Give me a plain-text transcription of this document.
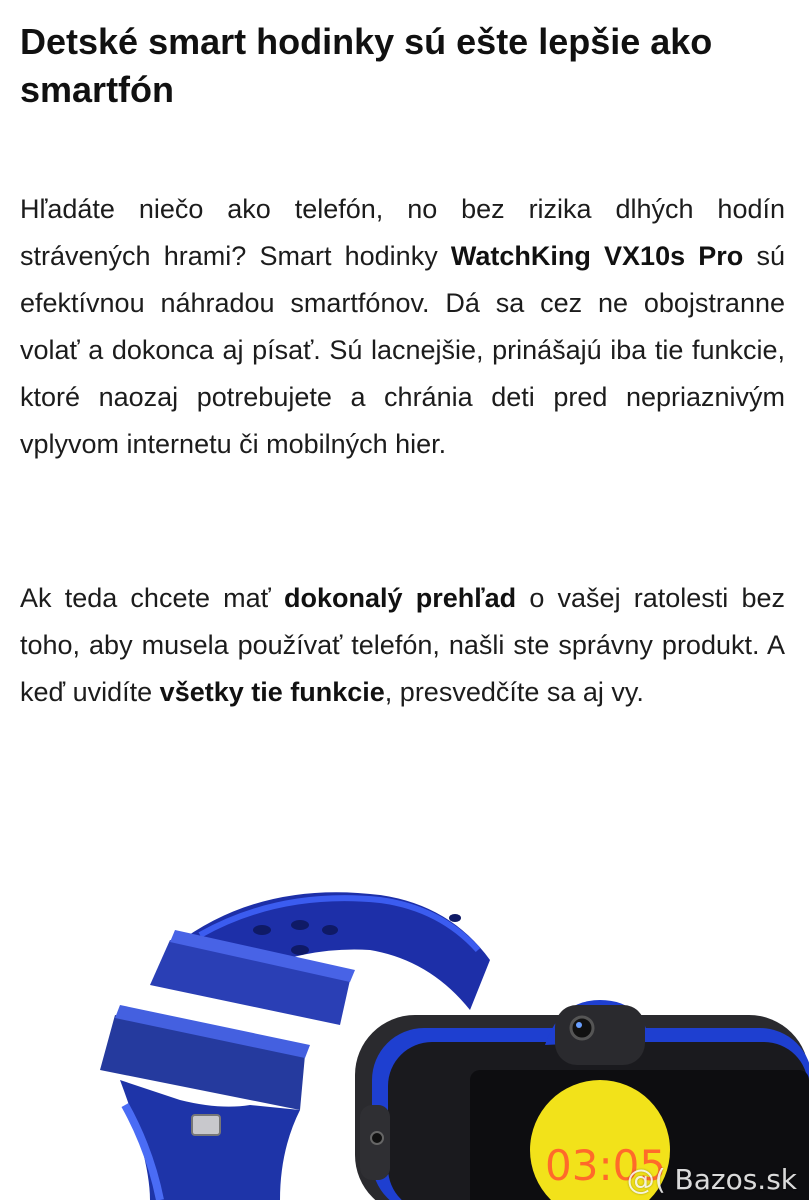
Detské smart hodinky sú ešte lepšie ako smartfón

Hľadáte niečo ako telefón, no bez rizika dlhých hodín strávených hrami? Smart hodinky WatchKing VX10s Pro sú efektívnou náhradou smartfónov. Dá sa cez ne obojstranne volať a dokonca aj písať. Sú lacnejšie, prinášajú iba tie funkcie, ktoré naozaj potrebujete a chránia deti pred nepriaznivým vplyvom internetu či mobilných hier.

Ak teda chcete mať dokonalý prehľad o vašej ratolesti bez toho, aby musela používať telefón, našli ste správny produkt. A keď uvidíte všetky tie funkcie, presvedčíte sa aj vy.

03:05
@( Bazos.sk
